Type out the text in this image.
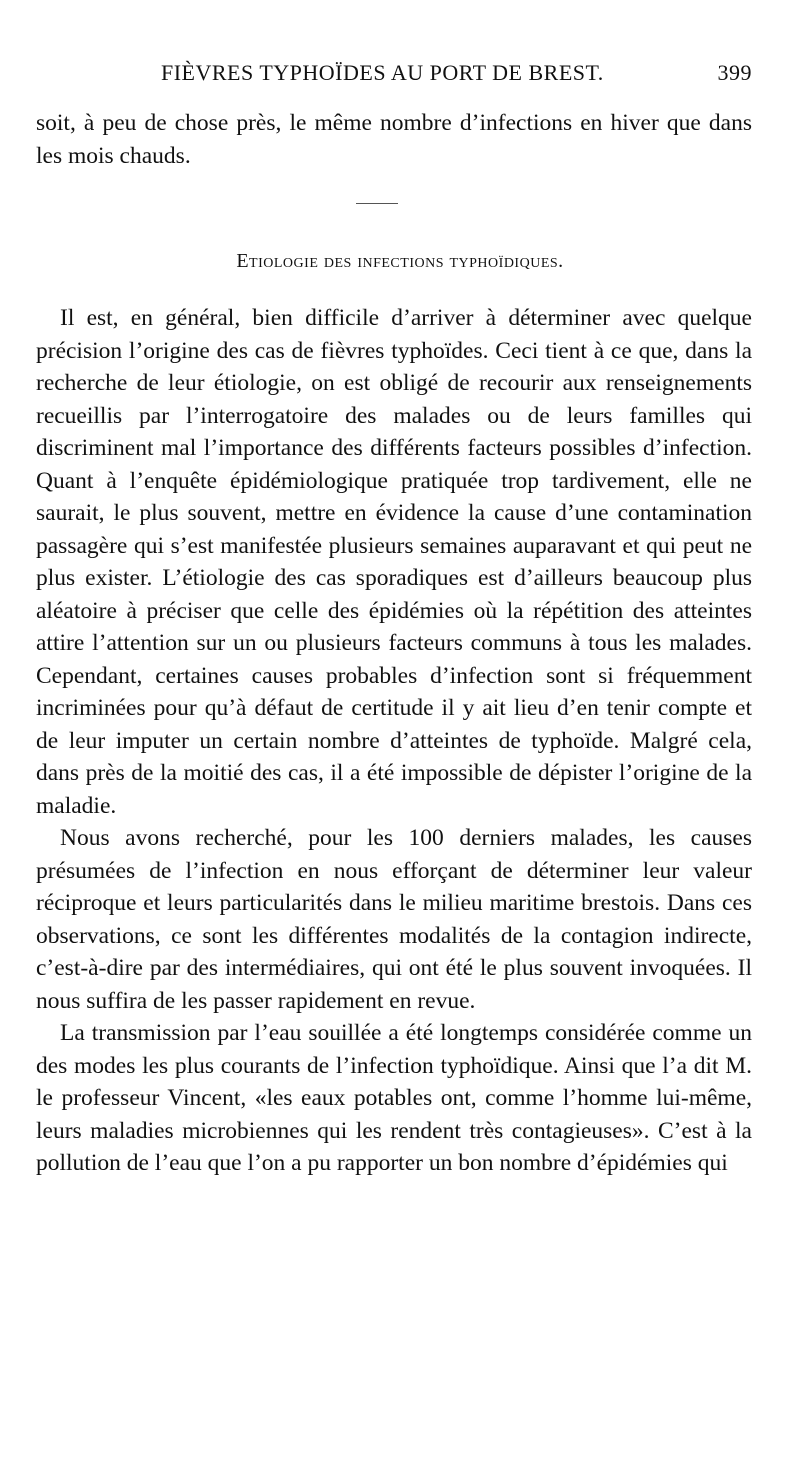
FIÈVRES TYPHOÏDES AU PORT DE BREST.	399

soit, à peu de chose près, le même nombre d’infections en hiver que dans les mois chauds.

Etiologie des infections typhoïdiques.

Il est, en général, bien difficile d’arriver à déterminer avec quelque précision l’origine des cas de fièvres typhoïdes. Ceci tient à ce que, dans la recherche de leur étiologie, on est obligé de recourir aux renseignements recueillis par l’interrogatoire des malades ou de leurs familles qui discriminent mal l’importance des différents facteurs possibles d’infection. Quant à l’enquête épidémiologique pratiquée trop tardivement, elle ne saurait, le plus souvent, mettre en évidence la cause d’une contamination passagère qui s’est manifestée plusieurs semaines auparavant et qui peut ne plus exister. L’étiologie des cas sporadiques est d’ailleurs beaucoup plus aléatoire à préciser que celle des épidémies où la répétition des atteintes attire l’attention sur un ou plusieurs facteurs communs à tous les malades. Cependant, certaines causes probables d’infection sont si fréquemment incriminées pour qu’à défaut de certitude il y ait lieu d’en tenir compte et de leur imputer un certain nombre d’atteintes de typhoïde. Malgré cela, dans près de la moitié des cas, il a été impossible de dépister l’origine de la maladie.

Nous avons recherché, pour les 100 derniers malades, les causes présumées de l’infection en nous efforçant de déterminer leur valeur réciproque et leurs particularités dans le milieu maritime brestois. Dans ces observations, ce sont les différentes modalités de la contagion indirecte, c’est-à-dire par des intermédiaires, qui ont été le plus souvent invoquées. Il nous suffira de les passer rapidement en revue.

La transmission par l’eau souillée a été longtemps considérée comme un des modes les plus courants de l’infection typhoïdique. Ainsi que l’a dit M. le professeur Vincent, «les eaux potables ont, comme l’homme lui-même, leurs maladies microbiennes qui les rendent très contagieuses». C’est à la pollution de l’eau que l’on a pu rapporter un bon nombre d’épidémies qui
